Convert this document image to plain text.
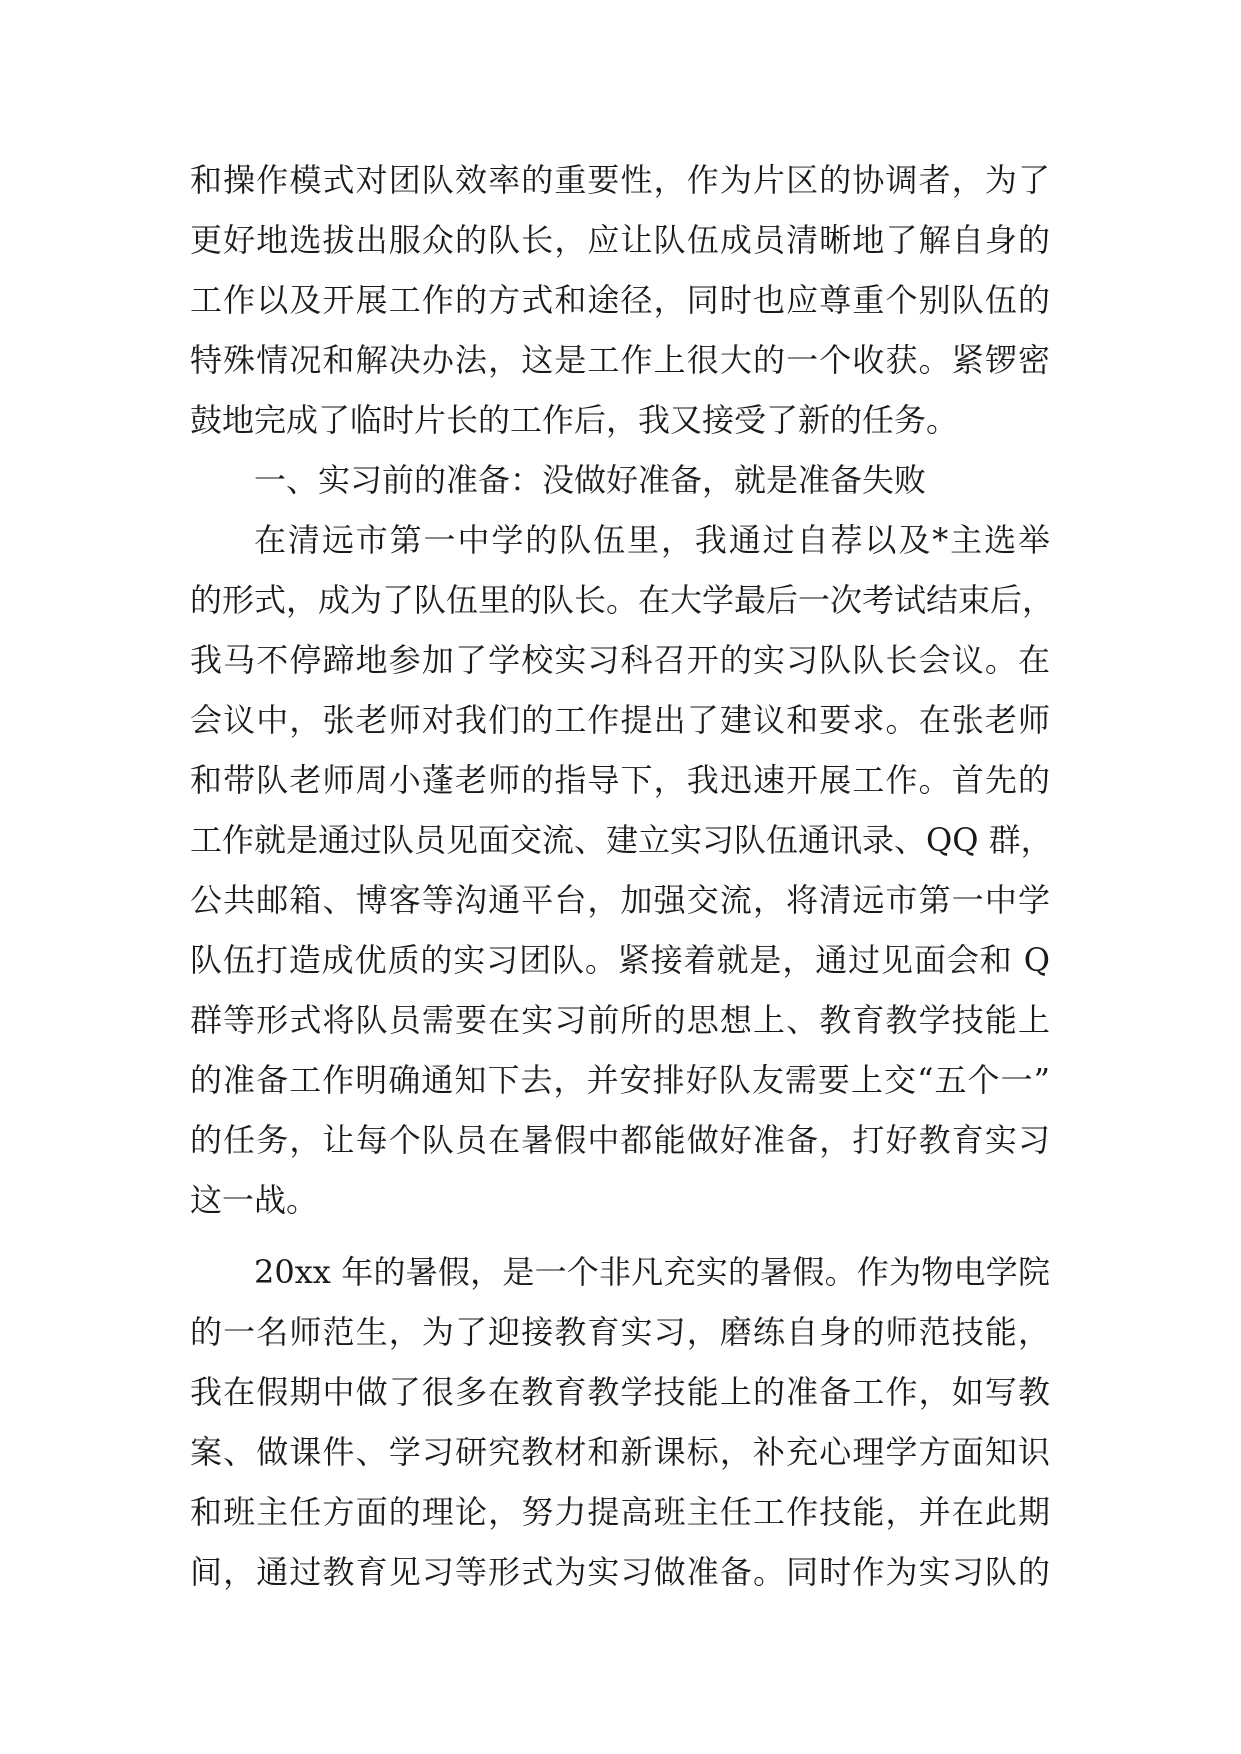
和操作模式对团队效率的重要性，作为片区的协调者，为了
更好地选拔出服众的队长，应让队伍成员清晰地了解自身的
工作以及开展工作的方式和途径，同时也应尊重个别队伍的
特殊情况和解决办法，这是工作上很大的一个收获。紧锣密
鼓地完成了临时片长的工作后，我又接受了新的任务。
一、实习前的准备：没做好准备，就是准备失败
在清远市第一中学的队伍里，我通过自荐以及*主选举
的形式，成为了队伍里的队长。在大学最后一次考试结束后，
我马不停蹄地参加了学校实习科召开的实习队队长会议。在
会议中，张老师对我们的工作提出了建议和要求。在张老师
和带队老师周小蓬老师的指导下，我迅速开展工作。首先的
工作就是通过队员见面交流、建立实习队伍通讯录、QQ 群，
公共邮箱、博客等沟通平台，加强交流，将清远市第一中学
队伍打造成优质的实习团队。紧接着就是，通过见面会和 Q
群等形式将队员需要在实习前所的思想上、教育教学技能上
的准备工作明确通知下去，并安排好队友需要上交“五个一”
的任务，让每个队员在暑假中都能做好准备，打好教育实习
这一战。
20xx 年的暑假，是一个非凡充实的暑假。作为物电学院
的一名师范生，为了迎接教育实习，磨练自身的师范技能，
我在假期中做了很多在教育教学技能上的准备工作，如写教
案、做课件、学习研究教材和新课标，补充心理学方面知识
和班主任方面的理论，努力提高班主任工作技能，并在此期
间，通过教育见习等形式为实习做准备。同时作为实习队的
